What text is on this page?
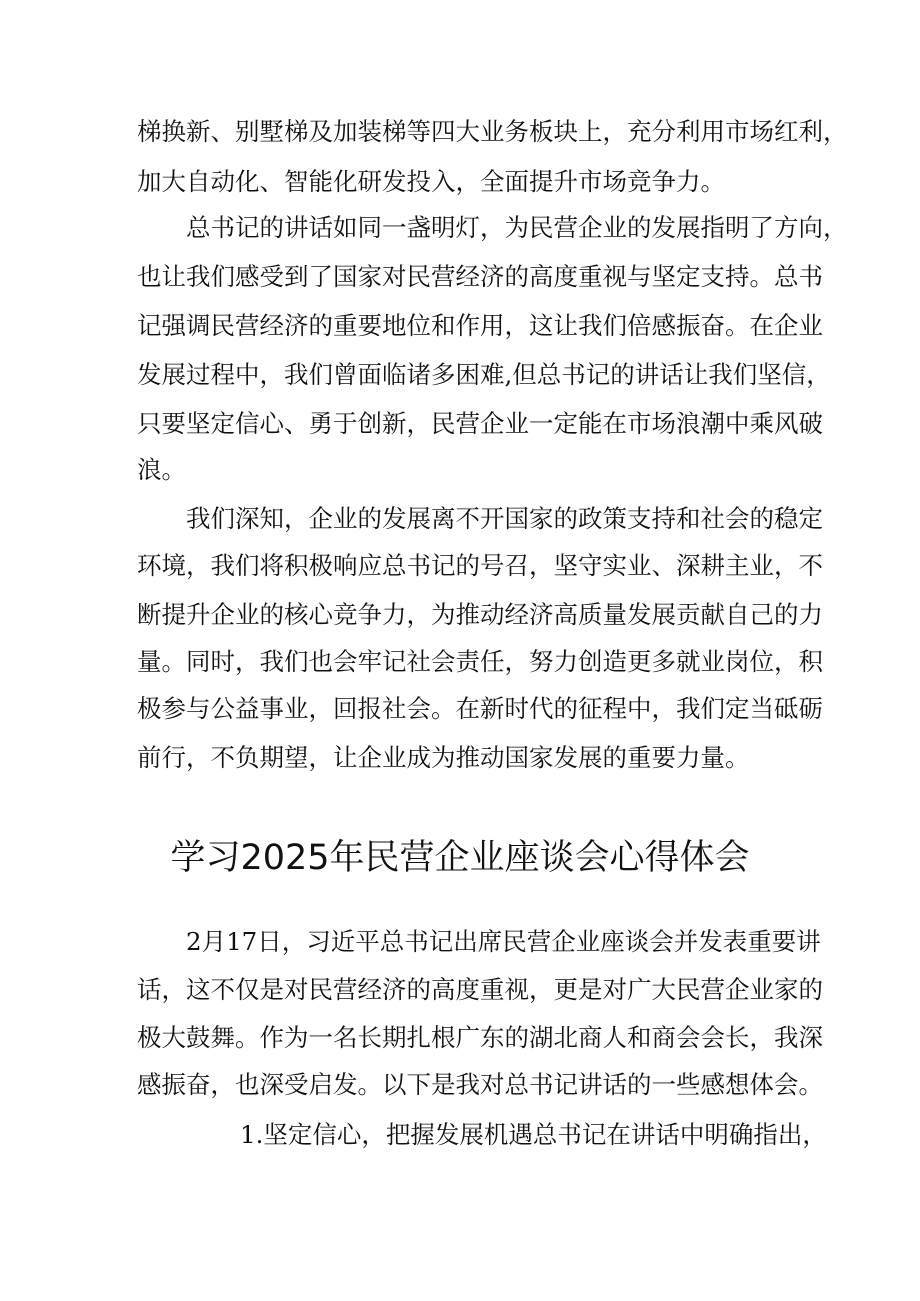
梯换新、别墅梯及加装梯等四大业务板块上，充分利用市场红利，
加大自动化、智能化研发投入，全面提升市场竞争力。
总书记的讲话如同一盏明灯，为民营企业的发展指明了方向，
也让我们感受到了国家对民营经济的高度重视与坚定支持。总书
记强调民营经济的重要地位和作用，这让我们倍感振奋。在企业
发展过程中，我们曾面临诸多困难,但总书记的讲话让我们坚信，
只要坚定信心、勇于创新，民营企业一定能在市场浪潮中乘风破
浪。
我们深知，企业的发展离不开国家的政策支持和社会的稳定
环境，我们将积极响应总书记的号召，坚守实业、深耕主业，不
断提升企业的核心竞争力，为推动经济高质量发展贡献自己的力
量。同时，我们也会牢记社会责任，努力创造更多就业岗位，积
极参与公益事业，回报社会。在新时代的征程中，我们定当砥砺
前行，不负期望，让企业成为推动国家发展的重要力量。
学习2025年民营企业座谈会心得体会
2月17日，习近平总书记出席民营企业座谈会并发表重要讲
话，这不仅是对民营经济的高度重视，更是对广大民营企业家的
极大鼓舞。作为一名长期扎根广东的湖北商人和商会会长，我深
感振奋，也深受启发。以下是我对总书记讲话的一些感想体会。
1.坚定信心，把握发展机遇总书记在讲话中明确指出，
